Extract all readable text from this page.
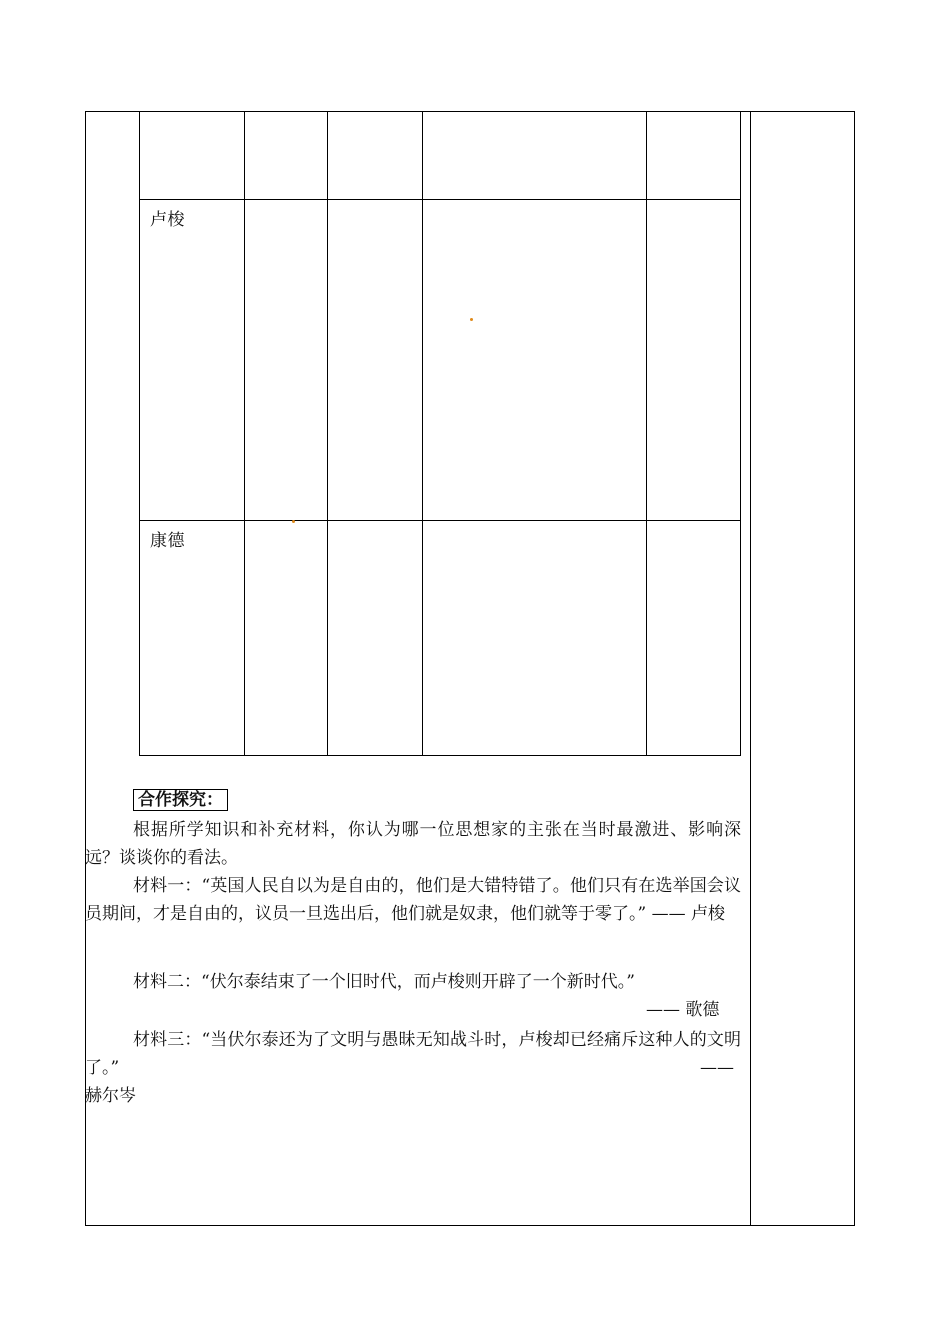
卢梭
康德
合作探究：
根据所学知识和补充材料，你认为哪一位思想家的主张在当时最激进、影响深远？谈谈你的看法。
材料一：“英国人民自以为是自由的，他们是大错特错了。他们只有在选举国会议员期间，才是自由的，议员一旦选出后，他们就是奴隶，他们就等于零了。” —— 卢梭
材料二：“伏尔泰结束了一个旧时代，而卢梭则开辟了一个新时代。”
—— 歌德
材料三：“当伏尔泰还为了文明与愚昧无知战斗时，卢梭却已经痛斥这种人的文明了。”	——
赫尔岑
